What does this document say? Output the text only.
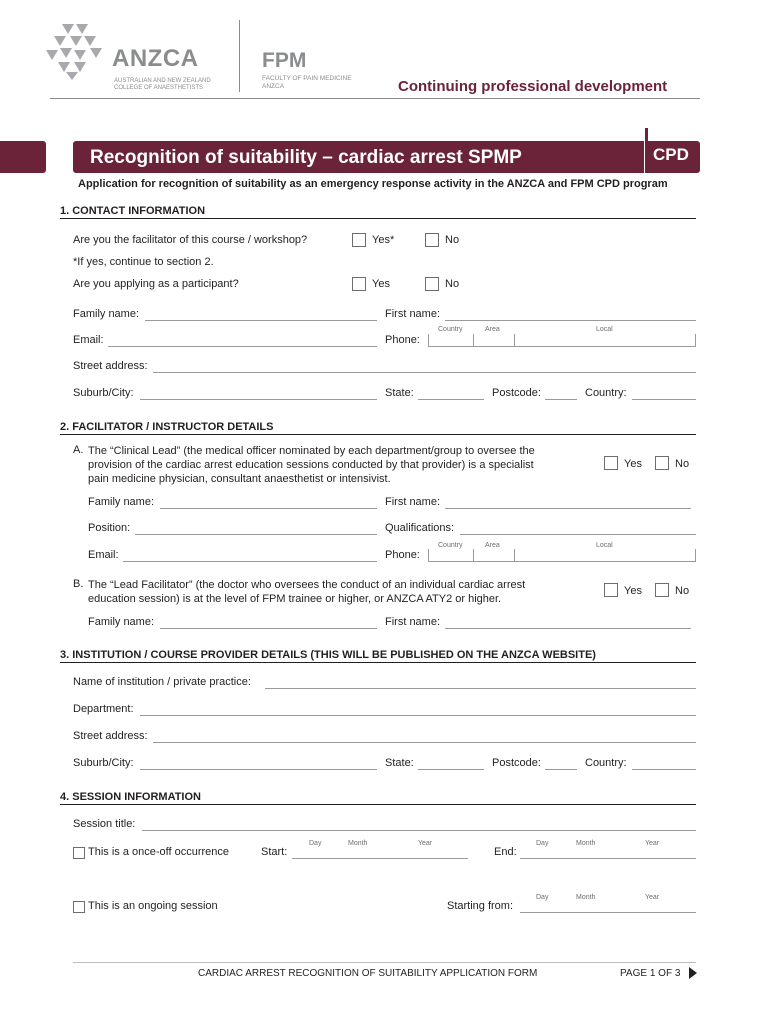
ANZCA
AUSTRALIAN AND NEW ZEALAND
COLLEGE OF ANAESTHETISTS
FPM
FACULTY OF PAIN MEDICINE
ANZCA	Continuing professional development
Recognition of suitability – cardiac arrest SPMP	CPD
Application for recognition of suitability as an emergency response activity in the ANZCA and FPM CPD program
1. CONTACT INFORMATION
Are you the facilitator of this course / workshop?	Yes*	No
*If yes, continue to section 2.
Are you applying as a participant?	Yes	No
Family name:	First name:
Email:	Phone:
Country	Area	Local
Street address:
Suburb/City:	State:	Postcode:	Country:
2. FACILITATOR / INSTRUCTOR DETAILS
A. The “Clinical Lead” (the medical officer nominated by each department/group to oversee the
provision of the cardiac arrest education sessions conducted by that provider) is a specialist
pain medicine physician, consultant anaesthetist or intensivist.
Yes	No
Family name:	First name:
Position:	Qualifications:
Email:	Phone:
Country	Area	Local
B. The “Lead Facilitator” (the doctor who oversees the conduct of an individual cardiac arrest
education session) is at the level of FPM trainee or higher, or ANZCA ATY2 or higher.
Yes	No
Family name:	First name:
3. INSTITUTION / COURSE PROVIDER DETAILS (THIS WILL BE PUBLISHED ON THE ANZCA WEBSITE)
Name of institution / private practice:
Department:
Street address:
Suburb/City:	State:	Postcode:	Country:
4. SESSION INFORMATION
Session title:
This is a once-off occurrence	Start:
Day	Month	Year
End:
Day	Month	Year
This is an ongoing session	Starting from:
Day	Month	Year
CARDIAC ARREST RECOGNITION OF SUITABILITY APPLICATION FORM	PAGE 1 OF 3
